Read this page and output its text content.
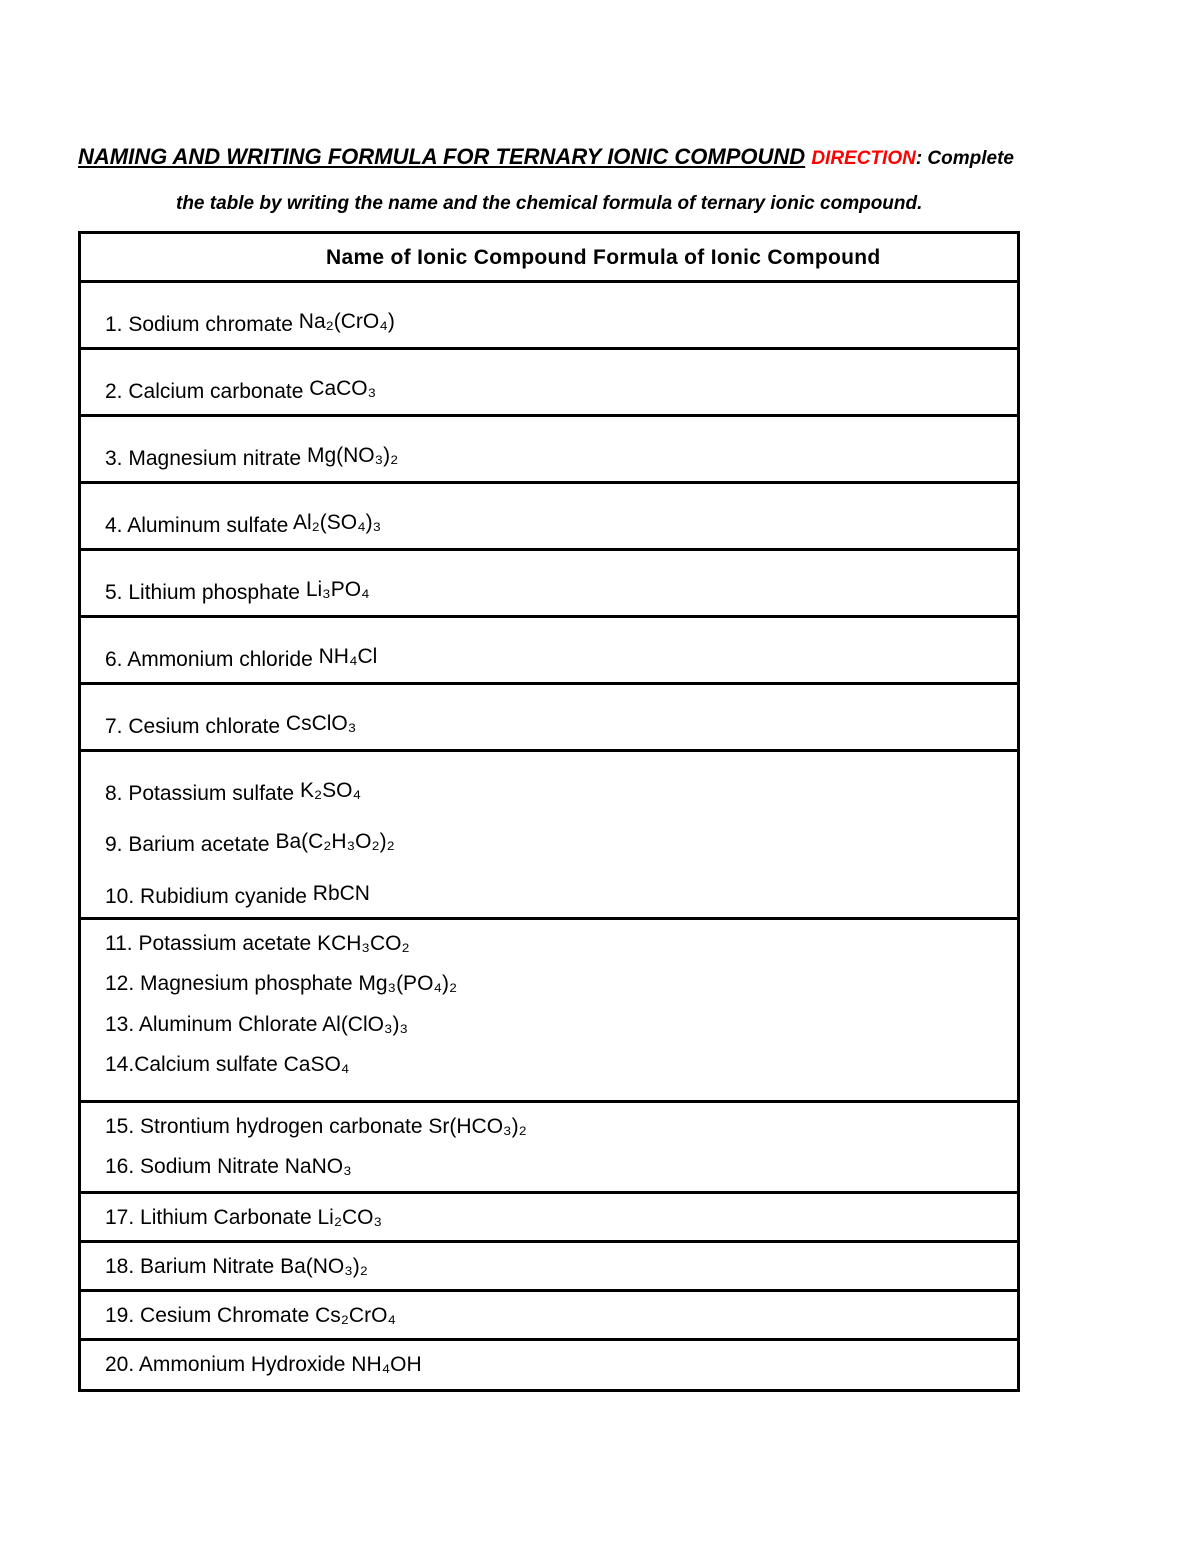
NAMING AND WRITING FORMULA FOR TERNARY IONIC COMPOUND DIRECTION: Complete
the table by writing the name and the chemical formula of ternary ionic compound.
Name of Ionic Compound Formula of Ionic Compound
1. Sodium chromate Na₂(CrO₄)
2. Calcium carbonate CaCO₃
3. Magnesium nitrate Mg(NO₃)₂
4. Aluminum sulfate Al₂(SO₄)₃
5. Lithium phosphate Li₃PO₄
6. Ammonium chloride NH₄Cl
7. Cesium chlorate CsClO₃
8. Potassium sulfate K₂SO₄
9. Barium acetate Ba(C₂H₃O₂)₂
10. Rubidium cyanide RbCN
11. Potassium acetate KCH₃CO₂
12. Magnesium phosphate Mg₃(PO₄)₂
13. Aluminum Chlorate Al(ClO₃)₃
14.Calcium sulfate CaSO₄
15. Strontium hydrogen carbonate Sr(HCO₃)₂
16. Sodium Nitrate NaNO₃
17. Lithium Carbonate Li₂CO₃
18. Barium Nitrate Ba(NO₃)₂
19. Cesium Chromate Cs₂CrO₄
20. Ammonium Hydroxide NH₄OH
